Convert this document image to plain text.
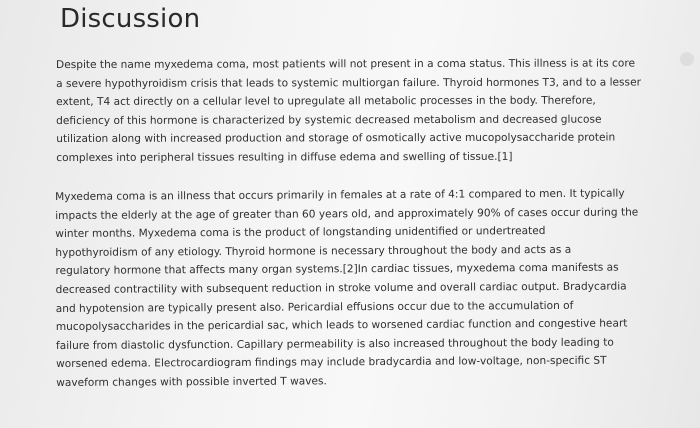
Discussion
Despite the name myxedema coma, most patients will not present in a coma status. This illness is at its core
a severe hypothyroidism crisis that leads to systemic multiorgan failure. Thyroid hormones T3, and to a lesser
extent, T4 act directly on a cellular level to upregulate all metabolic processes in the body. Therefore,
deficiency of this hormone is characterized by systemic decreased metabolism and decreased glucose
utilization along with increased production and storage of osmotically active mucopolysaccharide protein
complexes into peripheral tissues resulting in diffuse edema and swelling of tissue.[1]
Myxedema coma is an illness that occurs primarily in females at a rate of 4:1 compared to men. It typically
impacts the elderly at the age of greater than 60 years old, and approximately 90% of cases occur during the
winter months. Myxedema coma is the product of longstanding unidentified or undertreated
hypothyroidism of any etiology. Thyroid hormone is necessary throughout the body and acts as a
regulatory hormone that affects many organ systems.[2]In cardiac tissues, myxedema coma manifests as
decreased contractility with subsequent reduction in stroke volume and overall cardiac output. Bradycardia
and hypotension are typically present also. Pericardial effusions occur due to the accumulation of
mucopolysaccharides in the pericardial sac, which leads to worsened cardiac function and congestive heart
failure from diastolic dysfunction. Capillary permeability is also increased throughout the body leading to
worsened edema. Electrocardiogram findings may include bradycardia and low-voltage, non-specific ST
waveform changes with possible inverted T waves.
